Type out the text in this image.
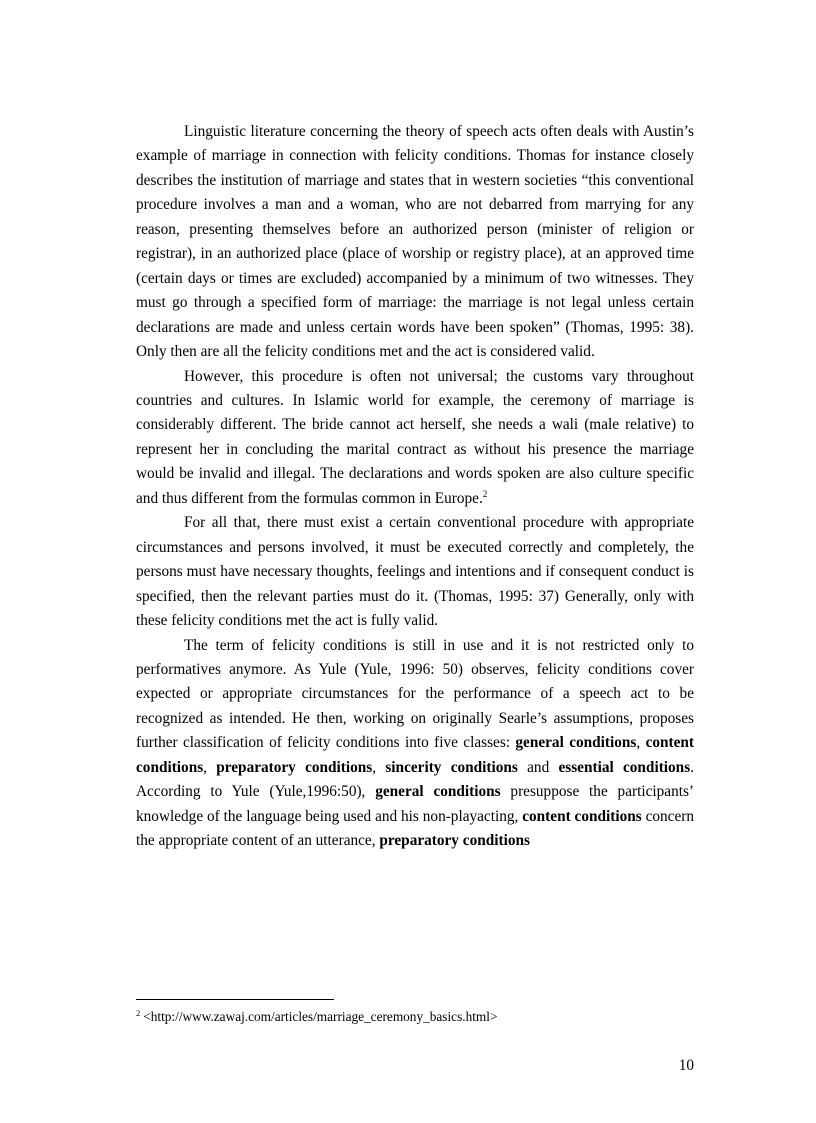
Linguistic literature concerning the theory of speech acts often deals with Austin’s example of marriage in connection with felicity conditions. Thomas for instance closely describes the institution of marriage and states that in western societies “this conventional procedure involves a man and a woman, who are not debarred from marrying for any reason, presenting themselves before an authorized person (minister of religion or registrar), in an authorized place (place of worship or registry place), at an approved time (certain days or times are excluded) accompanied by a minimum of two witnesses. They must go through a specified form of marriage: the marriage is not legal unless certain declarations are made and unless certain words have been spoken” (Thomas, 1995: 38). Only then are all the felicity conditions met and the act is considered valid.

However, this procedure is often not universal; the customs vary throughout countries and cultures. In Islamic world for example, the ceremony of marriage is considerably different. The bride cannot act herself, she needs a wali (male relative) to represent her in concluding the marital contract as without his presence the marriage would be invalid and illegal. The declarations and words spoken are also culture specific and thus different from the formulas common in Europe.$^2$

For all that, there must exist a certain conventional procedure with appropriate circumstances and persons involved, it must be executed correctly and completely, the persons must have necessary thoughts, feelings and intentions and if consequent conduct is specified, then the relevant parties must do it. (Thomas, 1995: 37) Generally, only with these felicity conditions met the act is fully valid.

The term of felicity conditions is still in use and it is not restricted only to performatives anymore. As Yule (Yule, 1996: 50) observes, felicity conditions cover expected or appropriate circumstances for the performance of a speech act to be recognized as intended. He then, working on originally Searle’s assumptions, proposes further classification of felicity conditions into five classes: general conditions, content conditions, preparatory conditions, sincerity conditions and essential conditions. According to Yule (Yule,1996:50), general conditions presuppose the participants’ knowledge of the language being used and his non-playacting, content conditions concern the appropriate content of an utterance, preparatory conditions

$^2$ <http://www.zawaj.com/articles/marriage_ceremony_basics.html>
10
